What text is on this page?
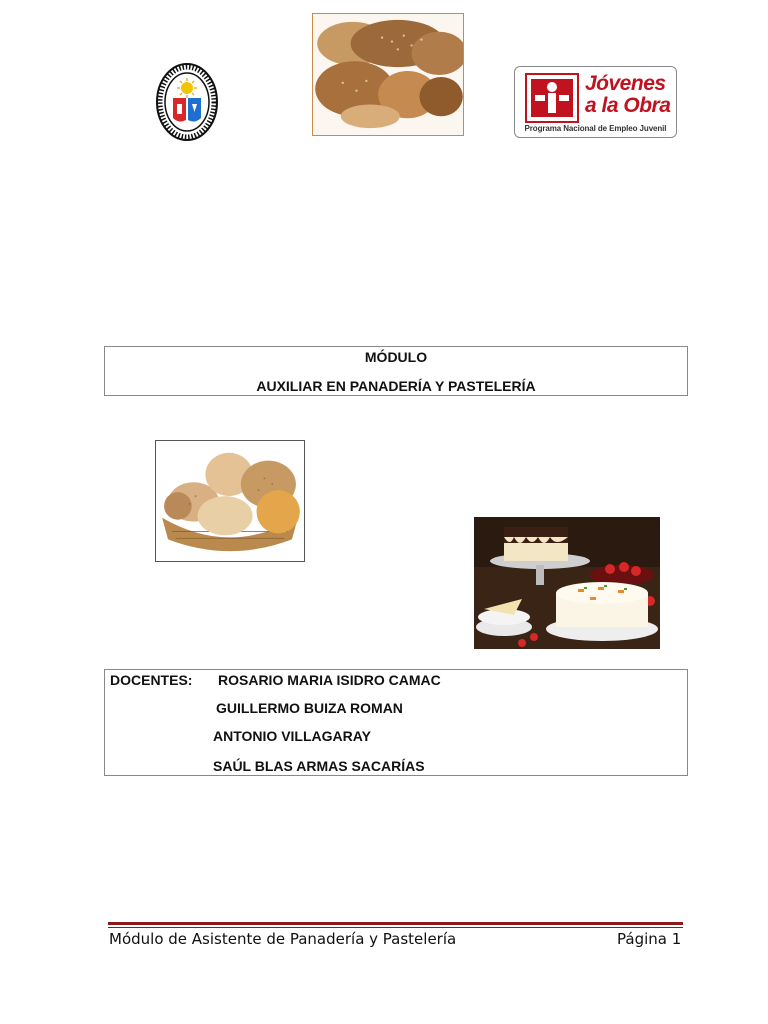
Jóvenes
a la Obra
Programa Nacional de Empleo Juvenil
MÓDULO
AUXILIAR EN PANADERÍA Y PASTELERÍA
DOCENTES: ROSARIO MARIA ISIDRO CAMAC
GUILLERMO BUIZA ROMAN
ANTONIO VILLAGARAY
SAÚL BLAS ARMAS SACARÍAS
Módulo de Asistente de Panadería y Pastelería	Página 1
